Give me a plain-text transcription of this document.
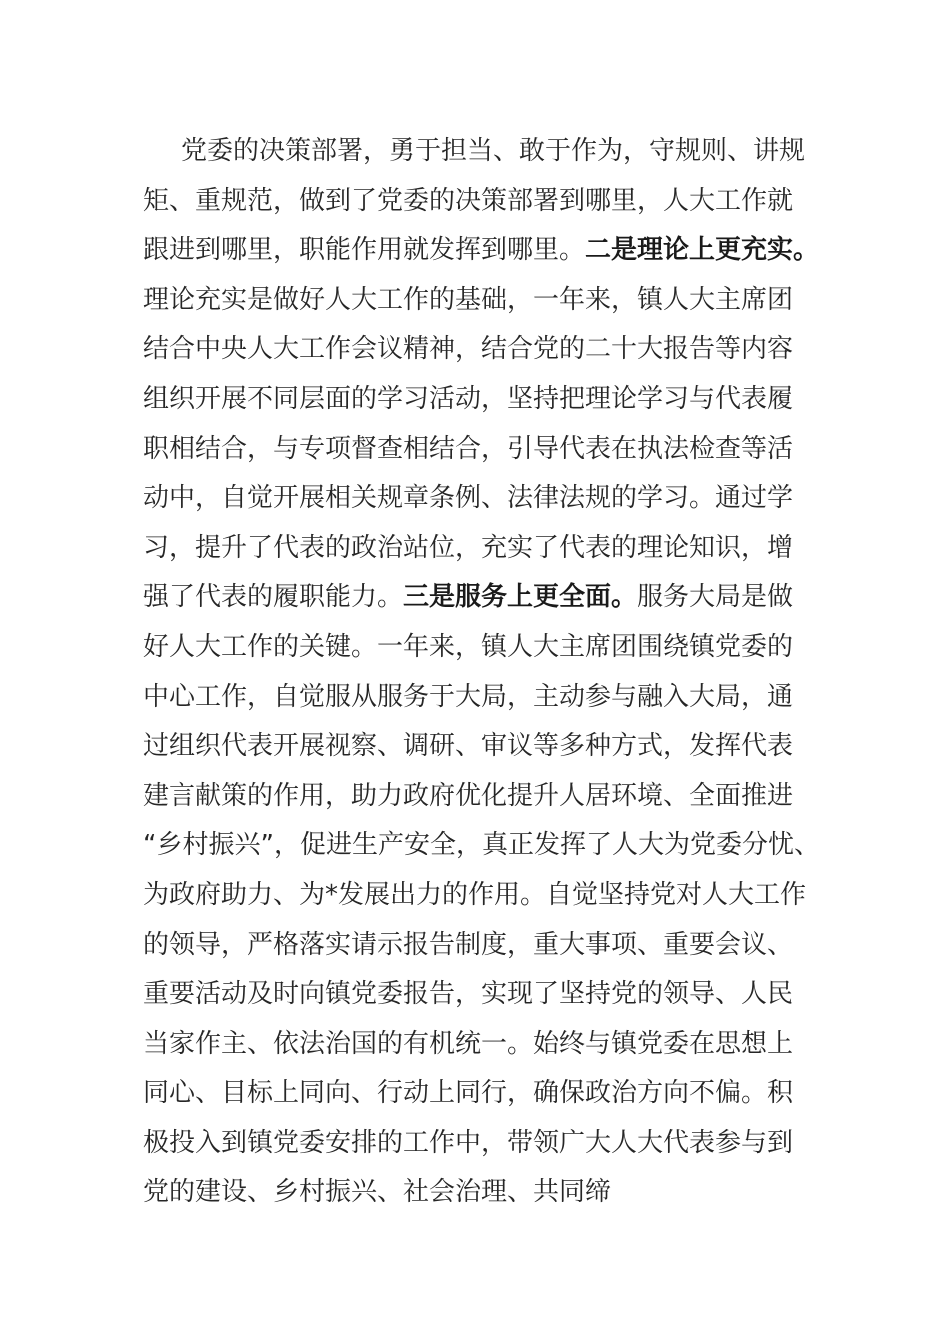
党委的决策部署，勇于担当、敢于作为，守规则、讲规
矩、重规范，做到了党委的决策部署到哪里，人大工作就
跟进到哪里，职能作用就发挥到哪里。二是理论上更充实。
理论充实是做好人大工作的基础，一年来，镇人大主席团
结合中央人大工作会议精神，结合党的二十大报告等内容
组织开展不同层面的学习活动，坚持把理论学习与代表履
职相结合，与专项督查相结合，引导代表在执法检查等活
动中，自觉开展相关规章条例、法律法规的学习。通过学
习，提升了代表的政治站位，充实了代表的理论知识，增
强了代表的履职能力。三是服务上更全面。服务大局是做
好人大工作的关键。一年来，镇人大主席团围绕镇党委的
中心工作，自觉服从服务于大局，主动参与融入大局，通
过组织代表开展视察、调研、审议等多种方式，发挥代表
建言献策的作用，助力政府优化提升人居环境、全面推进
“乡村振兴”，促进生产安全，真正发挥了人大为党委分忧、
为政府助力、为*发展出力的作用。自觉坚持党对人大工作
的领导，严格落实请示报告制度，重大事项、重要会议、
重要活动及时向镇党委报告，实现了坚持党的领导、人民
当家作主、依法治国的有机统一。始终与镇党委在思想上
同心、目标上同向、行动上同行，确保政治方向不偏。积
极投入到镇党委安排的工作中，带领广大人大代表参与到
党的建设、乡村振兴、社会治理、共同缔
